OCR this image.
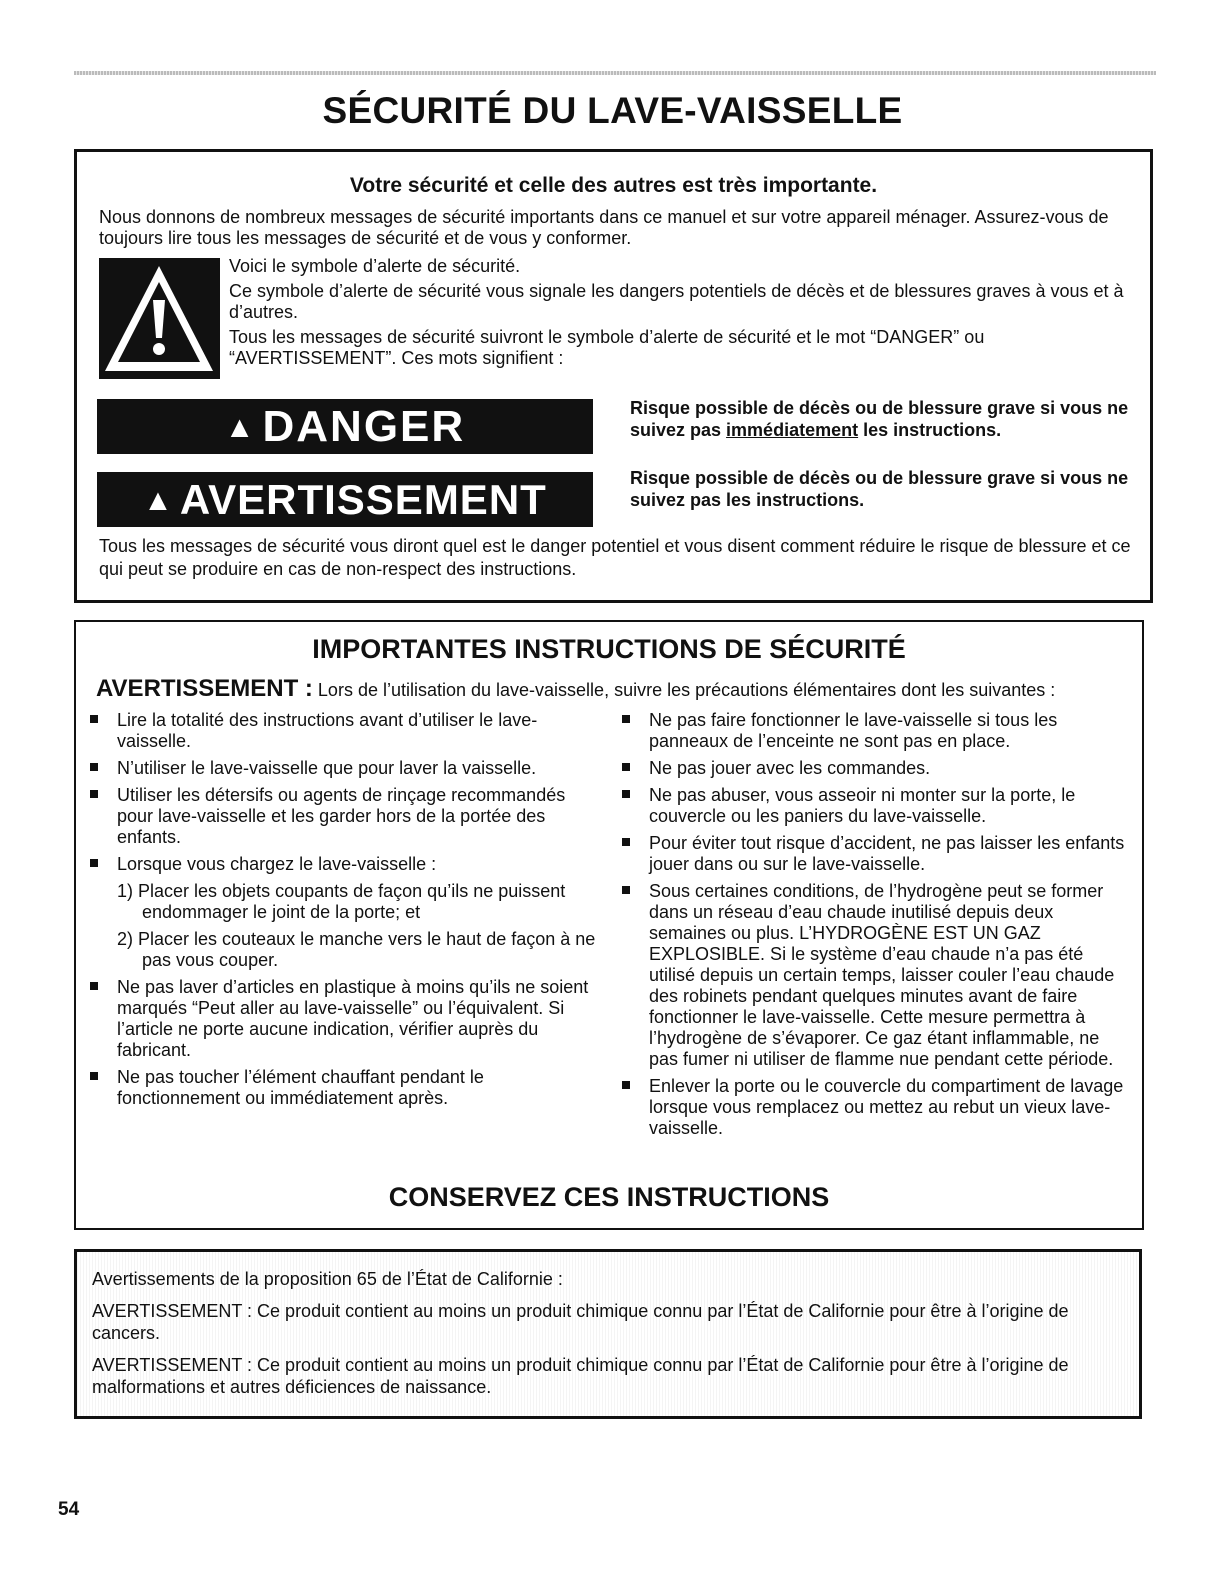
SÉCURITÉ DU LAVE-VAISSELLE

Votre sécurité et celle des autres est très importante.

Nous donnons de nombreux messages de sécurité importants dans ce manuel et sur votre appareil ménager. Assurez-vous de toujours lire tous les messages de sécurité et de vous y conformer.

Voici le symbole d’alerte de sécurité.

Ce symbole d’alerte de sécurité vous signale les dangers potentiels de décès et de blessures graves à vous et à d’autres.

Tous les messages de sécurité suivront le symbole d’alerte de sécurité et le mot “DANGER” ou “AVERTISSEMENT”. Ces mots signifient :

▲ DANGER	Risque possible de décès ou de blessure grave si vous ne suivez pas immédiatement les instructions.

▲ AVERTISSEMENT	Risque possible de décès ou de blessure grave si vous ne suivez pas les instructions.

Tous les messages de sécurité vous diront quel est le danger potentiel et vous disent comment réduire le risque de blessure et ce qui peut se produire en cas de non-respect des instructions.

IMPORTANTES INSTRUCTIONS DE SÉCURITÉ

AVERTISSEMENT : Lors de l’utilisation du lave-vaisselle, suivre les précautions élémentaires dont les suivantes :

Lire la totalité des instructions avant d’utiliser le lave-vaisselle.
N’utiliser le lave-vaisselle que pour laver la vaisselle.
Utiliser les détersifs ou agents de rinçage recommandés pour lave-vaisselle et les garder hors de la portée des enfants.
Lorsque vous chargez le lave-vaisselle :
1) Placer les objets coupants de façon qu’ils ne puissent endommager le joint de la porte; et
2) Placer les couteaux le manche vers le haut de façon à ne pas vous couper.
Ne pas laver d’articles en plastique à moins qu’ils ne soient marqués “Peut aller au lave-vaisselle” ou l’équivalent. Si l’article ne porte aucune indication, vérifier auprès du fabricant.
Ne pas toucher l’élément chauffant pendant le fonctionnement ou immédiatement après.
Ne pas faire fonctionner le lave-vaisselle si tous les panneaux de l’enceinte ne sont pas en place.
Ne pas jouer avec les commandes.
Ne pas abuser, vous asseoir ni monter sur la porte, le couvercle ou les paniers du lave-vaisselle.
Pour éviter tout risque d’accident, ne pas laisser les enfants jouer dans ou sur le lave-vaisselle.
Sous certaines conditions, de l’hydrogène peut se former dans un réseau d’eau chaude inutilisé depuis deux semaines ou plus. L’HYDROGÈNE EST UN GAZ EXPLOSIBLE. Si le système d’eau chaude n’a pas été utilisé depuis un certain temps, laisser couler l’eau chaude des robinets pendant quelques minutes avant de faire fonctionner le lave-vaisselle. Cette mesure permettra à l’hydrogène de s’évaporer. Ce gaz étant inflammable, ne pas fumer ni utiliser de flamme nue pendant cette période.
Enlever la porte ou le couvercle du compartiment de lavage lorsque vous remplacez ou mettez au rebut un vieux lave-vaisselle.

CONSERVEZ CES INSTRUCTIONS

Avertissements de la proposition 65 de l’État de Californie :

AVERTISSEMENT : Ce produit contient au moins un produit chimique connu par l’État de Californie pour être à l’origine de cancers.

AVERTISSEMENT : Ce produit contient au moins un produit chimique connu par l’État de Californie pour être à l’origine de malformations et autres déficiences de naissance.

54
